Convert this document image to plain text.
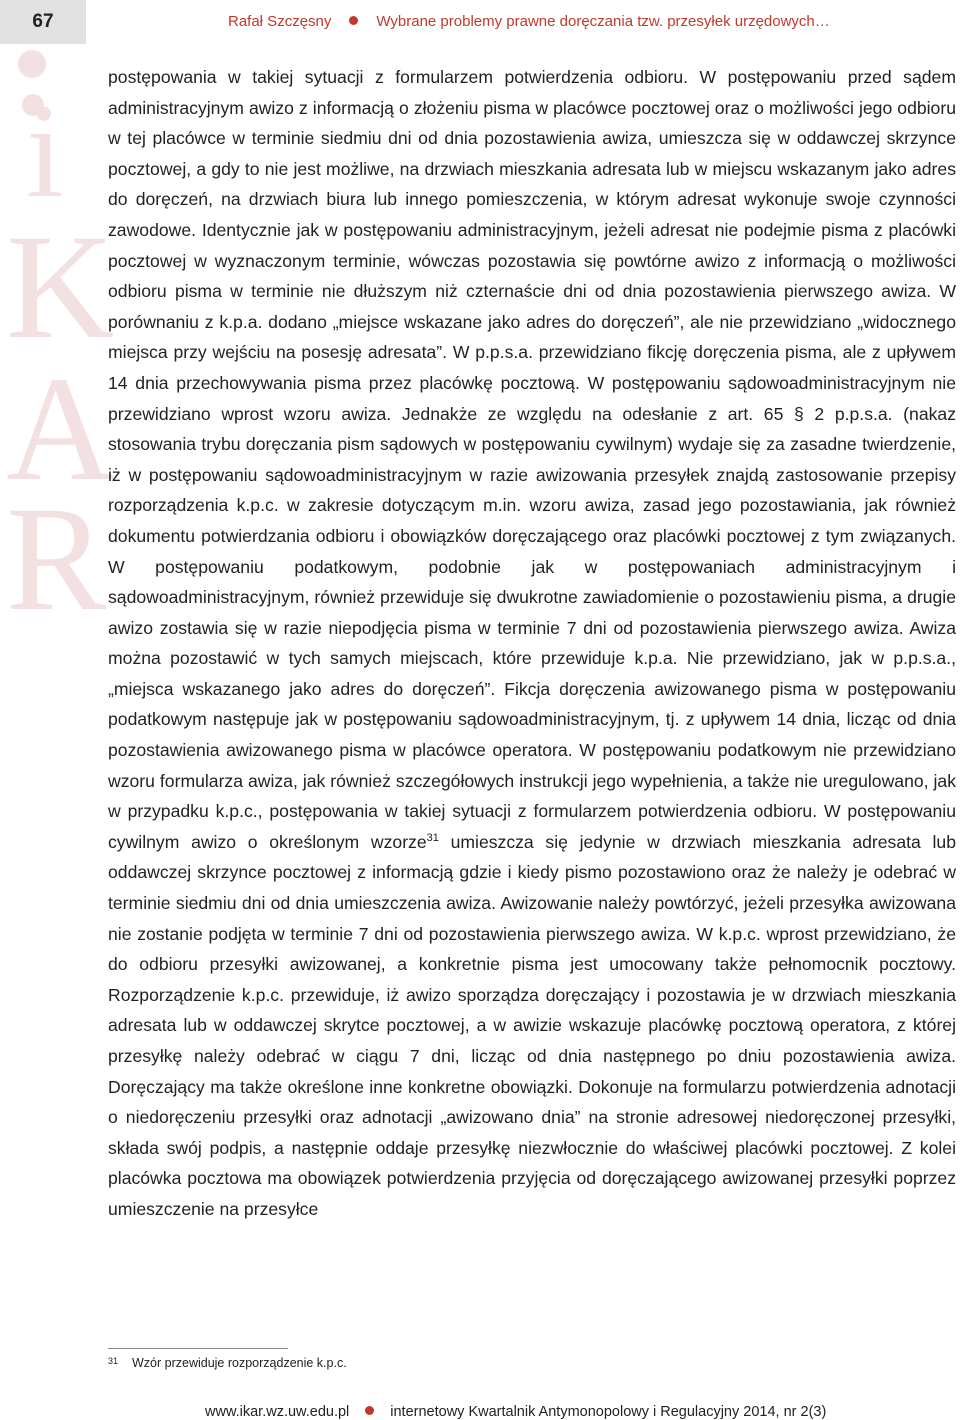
67	Rafał Szczęsny	Wybrane problemy prawne doręczania tzw. przesyłek urzędowych…
i
K
A
R
postępowania w takiej sytuacji z formularzem potwierdzenia odbioru. W postępowaniu przed sądem administracyjnym awizo z informacją o złożeniu pisma w placówce pocztowej oraz o możliwości jego odbioru w tej placówce w terminie siedmiu dni od dnia pozostawienia awiza, umieszcza się w oddawczej skrzynce pocztowej, a gdy to nie jest możliwe, na drzwiach mieszkania adresata lub w miejscu wskazanym jako adres do doręczeń, na drzwiach biura lub innego pomieszczenia, w którym adresat wykonuje swoje czynności zawodowe. Identycznie jak w postępowaniu administracyjnym, jeżeli adresat nie podejmie pisma z placówki pocztowej w wyznaczonym terminie, wówczas pozostawia się powtórne awizo z informacją o możliwości odbioru pisma w terminie nie dłuższym niż czternaście dni od dnia pozostawienia pierwszego awiza. W porównaniu z k.p.a. dodano „miejsce wskazane jako adres do doręczeń”, ale nie przewidziano „widocznego miejsca przy wejściu na posesję adresata”. W p.p.s.a. przewidziano fikcję doręczenia pisma, ale z upływem 14 dnia przechowywania pisma przez placówkę pocztową. W postępowaniu sądowoadministracyjnym nie przewidziano wprost wzoru awiza. Jednakże ze względu na odesłanie z art. 65 § 2 p.p.s.a. (nakaz stosowania trybu doręczania pism sądowych w postępowaniu cywilnym) wydaje się za zasadne twierdzenie, iż w postępowaniu sądowoadministracyjnym w razie awizowania przesyłek znajdą zastosowanie przepisy rozporządzenia k.p.c. w zakresie dotyczącym m.in. wzoru awiza, zasad jego pozostawiania, jak również dokumentu potwierdzania odbioru i obowiązków doręczającego oraz placówki pocztowej z tym związanych. W postępowaniu podatkowym, podobnie jak w postępowaniach administracyjnym i sądowoadministracyjnym, również przewiduje się dwukrotne zawiadomienie o pozostawieniu pisma, a drugie awizo zostawia się w razie niepodjęcia pisma w terminie 7 dni od pozostawienia pierwszego awiza. Awiza można pozostawić w tych samych miejscach, które przewiduje k.p.a. Nie przewidziano, jak w p.p.s.a., „miejsca wskazanego jako adres do doręczeń”. Fikcja doręczenia awizowanego pisma w postępowaniu podatkowym następuje jak w postępowaniu sądowoadministracyjnym, tj. z upływem 14 dnia, licząc od dnia pozostawienia awizowanego pisma w placówce operatora. W postępowaniu podatkowym nie przewidziano wzoru formularza awiza, jak również szczegółowych instrukcji jego wypełnienia, a także nie uregulowano, jak w przypadku k.p.c., postępowania w takiej sytuacji z formularzem potwierdzenia odbioru. W postępowaniu cywilnym awizo o określonym wzorze$^{31}$ umieszcza się jedynie w drzwiach mieszkania adresata lub oddawczej skrzynce pocztowej z informacją gdzie i kiedy pismo pozostawiono oraz że należy je odebrać w terminie siedmiu dni od dnia umieszczenia awiza. Awizowanie należy powtórzyć, jeżeli przesyłka awizowana nie zostanie podjęta w terminie 7 dni od pozostawienia pierwszego awiza. W k.p.c. wprost przewidziano, że do odbioru przesyłki awizowanej, a konkretnie pisma jest umocowany także pełnomocnik pocztowy. Rozporządzenie k.p.c. przewiduje, iż awizo sporządza doręczający i pozostawia je w drzwiach mieszkania adresata lub w oddawczej skrytce pocztowej, a w awizie wskazuje placówkę pocztową operatora, z której przesyłkę należy odebrać w ciągu 7 dni, licząc od dnia następnego po dniu pozostawienia awiza. Doręczający ma także określone inne konkretne obowiązki. Dokonuje na formularzu potwierdzenia adnotacji o niedoręczeniu przesyłki oraz adnotacji „awizowano dnia” na stronie adresowej niedoręczonej przesyłki, składa swój podpis, a następnie oddaje przesyłkę niezwłocznie do właściwej placówki pocztowej. Z kolei placówka pocztowa ma obowiązek potwierdzenia przyjęcia od doręczającego awizowanej przesyłki poprzez umieszczenie na przesyłce
31 Wzór przewiduje rozporządzenie k.p.c.
www.ikar.wz.uw.edu.pl	internetowy Kwartalnik Antymonopolowy i Regulacyjny 2014, nr 2(3)
